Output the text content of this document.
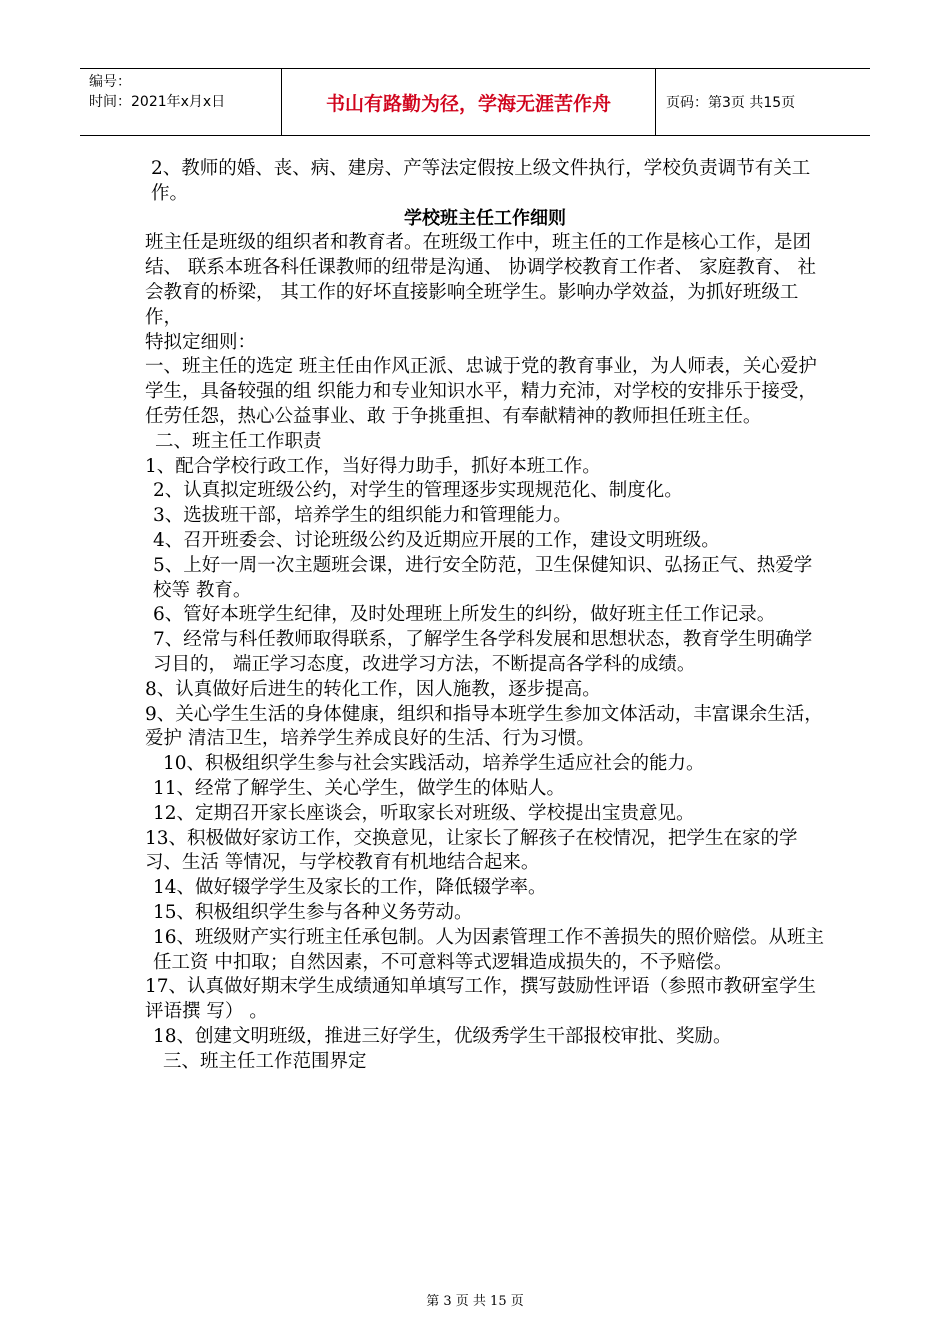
编号：
时间：2021年x月x日	书山有路勤为径，学海无涯苦作舟	页码：第3页 共15页

2、教师的婚、丧、病、建房、产等法定假按上级文件执行，学校负责调节有关工作。

学校班主任工作细则

班主任是班级的组织者和教育者。在班级工作中，班主任的工作是核心工作，是团结、 联系本班各科任课教师的纽带是沟通、 协调学校教育工作者、 家庭教育、 社会教育的桥梁， 其工作的好坏直接影响全班学生。影响办学效益，为抓好班级工作，

特拟定细则：

一、班主任的选定 班主任由作风正派、忠诚于党的教育事业，为人师表，关心爱护学生，具备较强的组 织能力和专业知识水平，精力充沛，对学校的安排乐于接受，任劳任怨，热心公益事业、敢 于争挑重担、有奉献精神的教师担任班主任。

二、班主任工作职责

1、配合学校行政工作，当好得力助手，抓好本班工作。

2、认真拟定班级公约，对学生的管理逐步实现规范化、制度化。

3、选拔班干部，培养学生的组织能力和管理能力。

4、召开班委会、讨论班级公约及近期应开展的工作，建设文明班级。

5、上好一周一次主题班会课，进行安全防范，卫生保健知识、弘扬正气、热爱学校等 教育。

6、管好本班学生纪律，及时处理班上所发生的纠纷，做好班主任工作记录。

7、经常与科任教师取得联系，了解学生各学科发展和思想状态，教育学生明确学习目的， 端正学习态度，改进学习方法，不断提高各学科的成绩。

8、认真做好后进生的转化工作，因人施教，逐步提高。

9、关心学生生活的身体健康，组织和指导本班学生参加文体活动，丰富课余生活，爱护 清洁卫生，培养学生养成良好的生活、行为习惯。

10、积极组织学生参与社会实践活动，培养学生适应社会的能力。

11、经常了解学生、关心学生，做学生的体贴人。

12、定期召开家长座谈会，听取家长对班级、学校提出宝贵意见。

13、积极做好家访工作，交换意见，让家长了解孩子在校情况，把学生在家的学习、生活 等情况，与学校教育有机地结合起来。

14、做好辍学学生及家长的工作，降低辍学率。

15、积极组织学生参与各种义务劳动。

16、班级财产实行班主任承包制。人为因素管理工作不善损失的照价赔偿。从班主任工资 中扣取；自然因素，不可意料等式逻辑造成损失的，不予赔偿。

17、认真做好期末学生成绩通知单填写工作，撰写鼓励性评语（参照市教研室学生评语撰 写） 。

18、创建文明班级，推进三好学生，优级秀学生干部报校审批、奖励。

三、班主任工作范围界定

第 3 页 共 15 页
